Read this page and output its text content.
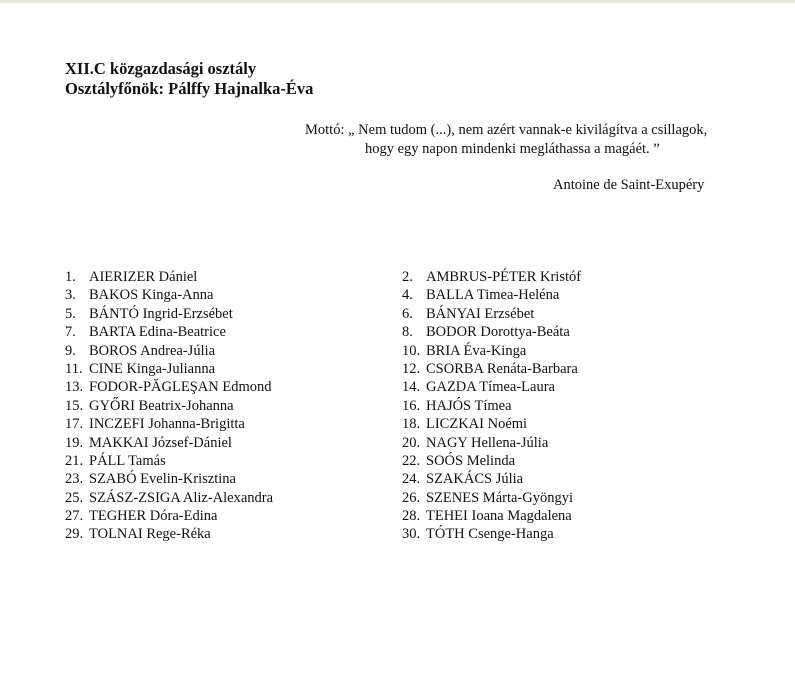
XII.C közgazdasági osztály
Osztályfőnök: Pálffy Hajnalka-Éva
Mottó: „ Nem tudom (...), nem azért vannak-e kivilágítva a csillagok,
hogy egy napon mindenki megláthassa a magáét. ”
Antoine de Saint-Exupéry
1. AIERIZER Dániel	2. AMBRUS-PÉTER Kristóf
3. BAKOS Kinga-Anna	4. BALLA Timea-Heléna
5. BÁNTÓ Ingrid-Erzsébet	6. BÁNYAI Erzsébet
7. BARTA Edina-Beatrice	8. BODOR Dorottya-Beáta
9. BOROS Andrea-Júlia	10. BRIA Éva-Kinga
11. CINE Kinga-Julianna	12. CSORBA Renáta-Barbara
13. FODOR-PĂGLEŞAN Edmond	14. GAZDA Tímea-Laura
15. GYŐRI Beatrix-Johanna	16. HAJÓS Tímea
17. INCZEFI Johanna-Brigitta	18. LICZKAI Noémi
19. MAKKAI József-Dániel	20. NAGY Hellena-Júlia
21. PÁLL Tamás	22. SOÓS Melinda
23. SZABÓ Evelin-Krisztina	24. SZAKÁCS Júlia
25. SZÁSZ-ZSIGA Aliz-Alexandra	26. SZENES Márta-Gyöngyi
27. TEGHER Dóra-Edina	28. TEHEI Ioana Magdalena
29. TOLNAI Rege-Réka	30. TÓTH Csenge-Hanga
